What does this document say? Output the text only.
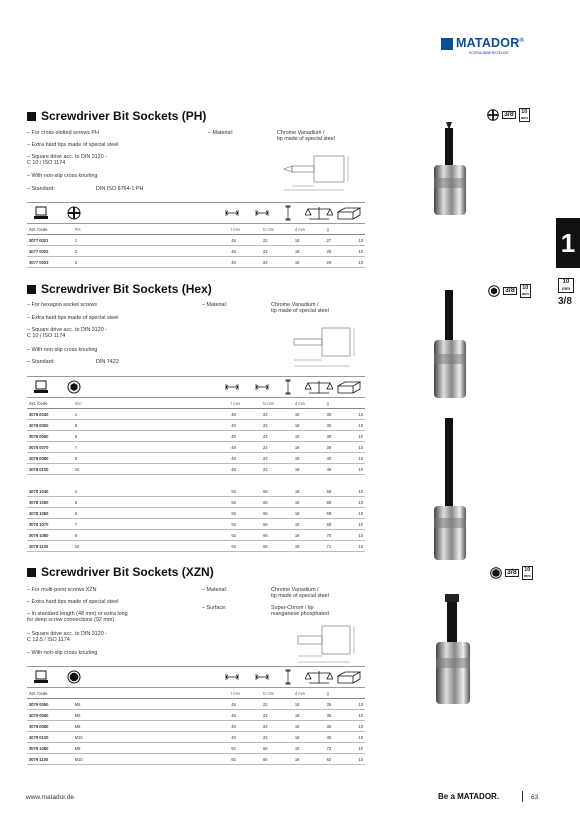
MATADOR®
SCHRAUBWERKZEUGE
1
10
mm
3/8
Screwdriver Bit Sockets (PH)	3/8	10
mm
– For cross-slotted screws PH
– Extra hard tips made of special steel
– Square drive acc. to DIN 3120 -
C 10 / ISO 1174
– With non-slip cross knurling
– Standard:	DIN ISO 8764-1 PH
– Material:	Chrome Vanadium /
tip made of special steel
Art. Code	PH	l mm	l1 mm	d mm	g	
3077 0001	1	48	22	18	27	10
3077 0002	2	48	22	18	28	10
3077 0003	3	48	22	18	29	10
Screwdriver Bit Sockets (Hex)	3/8	10
mm
– For hexagon socket screws
– Extra hard tips made of special steel
– Square drive acc. to DIN 3120 -
C 10 / ISO 1174
– With non-slip cross knurling
– Standard:	DIN 7422
– Material:	Chrome Vanadium /
tip made of special steel
Art. Code	mm	l mm	l1 mm	d mm	g	
3078 0040	4	48	22	18	35	10
3078 0050	5	48	22	18	35	10
3078 0060	6	48	22	18	38	10
3078 0070	7	48	22	18	38	10
3078 0080	8	48	22	18	40	10
3078 0100	10	48	22	18	48	10
3078 1040	4	92	66	18	68	10
3078 1050	5	92	66	18	68	10
3078 1060	6	92	66	18	68	10
3078 1070	7	92	66	18	68	10
3078 1080	8	92	66	18	70	10
3078 1100	10	92	66	18	71	10
Screwdriver Bit Sockets (XZN)	3/8	10
mm
– For multi-point screws XZN
– Extra hard tips made of special steel
– In standard length (48 mm) or extra long
for deep screw connections (92 mm)
– Square drive acc. to DIN 3120 -
C 12.5 / ISO 1174
– With non-slip cross knurling
– Material:	Chrome Vanadium /
tip made of special steel
– Surface:	Super-Chrom / tip
manganese phosphated
Art. Code		l mm	l1 mm	d mm	g	
3079 0050	M5	48	22	18	35	10
3079 0060	M6	48	22	18	35	10
3079 0080	M8	48	22	18	36	10
3079 0100	M10	48	22	18	40	10
3079 1080	M8	92	66	18	73	10
3079 1100	M10	92	66	18	82	10
www.matador.de	Be a MATADOR.	63
